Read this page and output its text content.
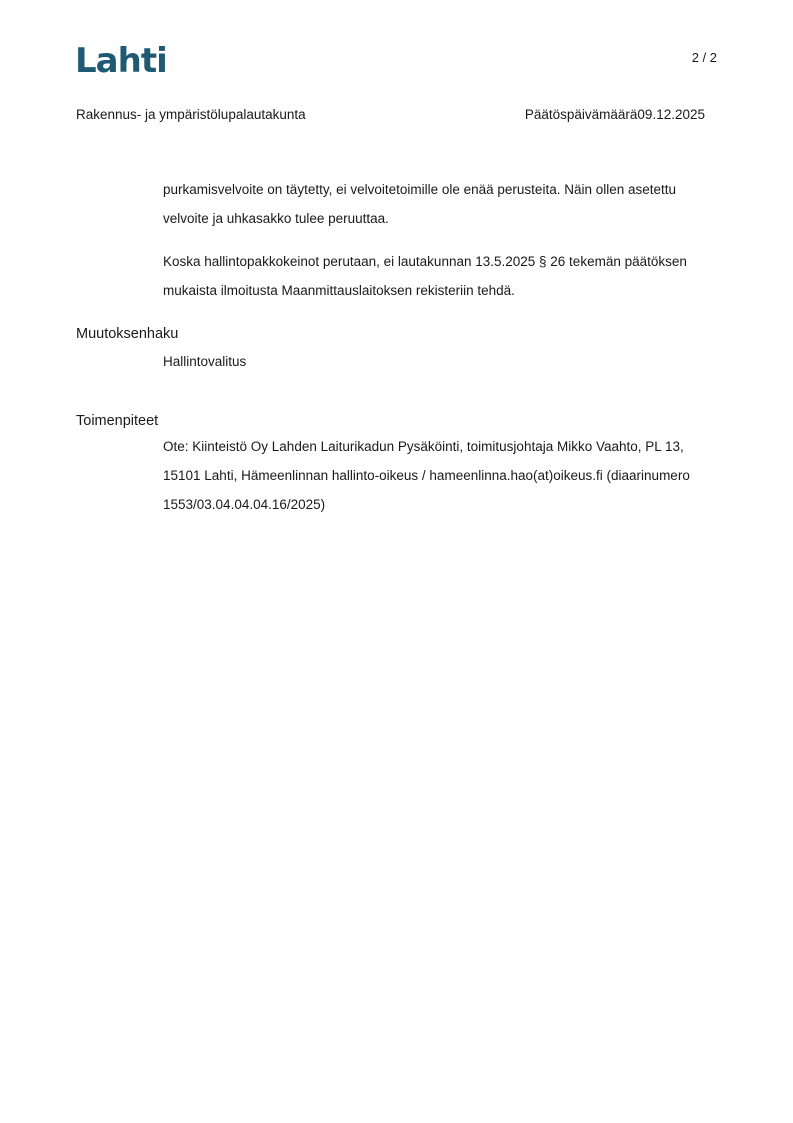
Lahti	2 / 2
Rakennus- ja ympäristölupalautakunta	Päätöspäivämäärä09.12.2025

purkamisvelvoite on täytetty, ei velvoitetoimille ole enää perusteita. Näin ollen asetettu velvoite ja uhkasakko tulee peruuttaa.

Koska hallintopakkokeinot perutaan, ei lautakunnan 13.5.2025 § 26 tekemän päätöksen mukaista ilmoitusta Maanmittauslaitoksen rekisteriin tehdä.

Muutoksenhaku

Hallintovalitus

Toimenpiteet

Ote: Kiinteistö Oy Lahden Laiturikadun Pysäköinti, toimitusjohtaja Mikko Vaahto, PL 13, 15101 Lahti, Hämeenlinnan hallinto-oikeus / hameenlinna.hao(at)oikeus.fi (diaarinumero 1553/03.04.04.04.16/2025)
